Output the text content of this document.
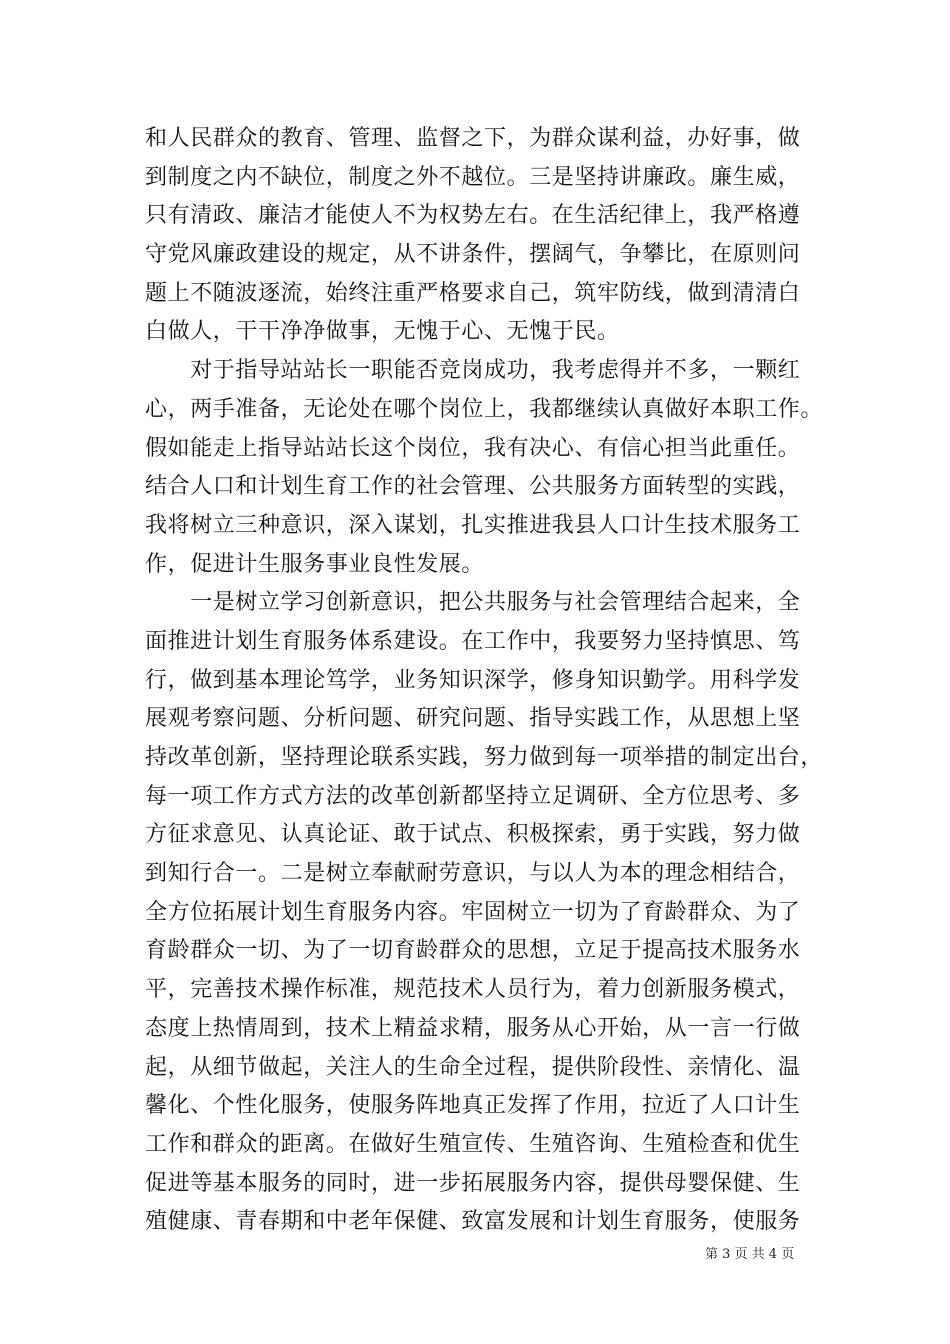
和人民群众的教育、管理、监督之下，为群众谋利益，办好事，做
到制度之内不缺位，制度之外不越位。三是坚持讲廉政。廉生威，
只有清政、廉洁才能使人不为权势左右。在生活纪律上，我严格遵
守党风廉政建设的规定，从不讲条件，摆阔气，争攀比，在原则问
题上不随波逐流，始终注重严格要求自己，筑牢防线，做到清清白
白做人，干干净净做事，无愧于心、无愧于民。
　　对于指导站站长一职能否竞岗成功，我考虑得并不多，一颗红
心，两手准备，无论处在哪个岗位上，我都继续认真做好本职工作。
假如能走上指导站站长这个岗位，我有决心、有信心担当此重任。
结合人口和计划生育工作的社会管理、公共服务方面转型的实践，
我将树立三种意识，深入谋划，扎实推进我县人口计生技术服务工
作，促进计生服务事业良性发展。
　　一是树立学习创新意识，把公共服务与社会管理结合起来，全
面推进计划生育服务体系建设。在工作中，我要努力坚持慎思、笃
行，做到基本理论笃学，业务知识深学，修身知识勤学。用科学发
展观考察问题、分析问题、研究问题、指导实践工作，从思想上坚
持改革创新，坚持理论联系实践，努力做到每一项举措的制定出台，
每一项工作方式方法的改革创新都坚持立足调研、全方位思考、多
方征求意见、认真论证、敢于试点、积极探索，勇于实践，努力做
到知行合一。二是树立奉献耐劳意识，与以人为本的理念相结合，
全方位拓展计划生育服务内容。牢固树立一切为了育龄群众、为了
育龄群众一切、为了一切育龄群众的思想，立足于提高技术服务水
平，完善技术操作标准，规范技术人员行为，着力创新服务模式，
态度上热情周到，技术上精益求精，服务从心开始，从一言一行做
起，从细节做起，关注人的生命全过程，提供阶段性、亲情化、温
馨化、个性化服务，使服务阵地真正发挥了作用，拉近了人口计生
工作和群众的距离。在做好生殖宣传、生殖咨询、生殖检查和优生
促进等基本服务的同时，进一步拓展服务内容，提供母婴保健、生
殖健康、青春期和中老年保健、致富发展和计划生育服务，使服务
第 3 页 共 4 页
